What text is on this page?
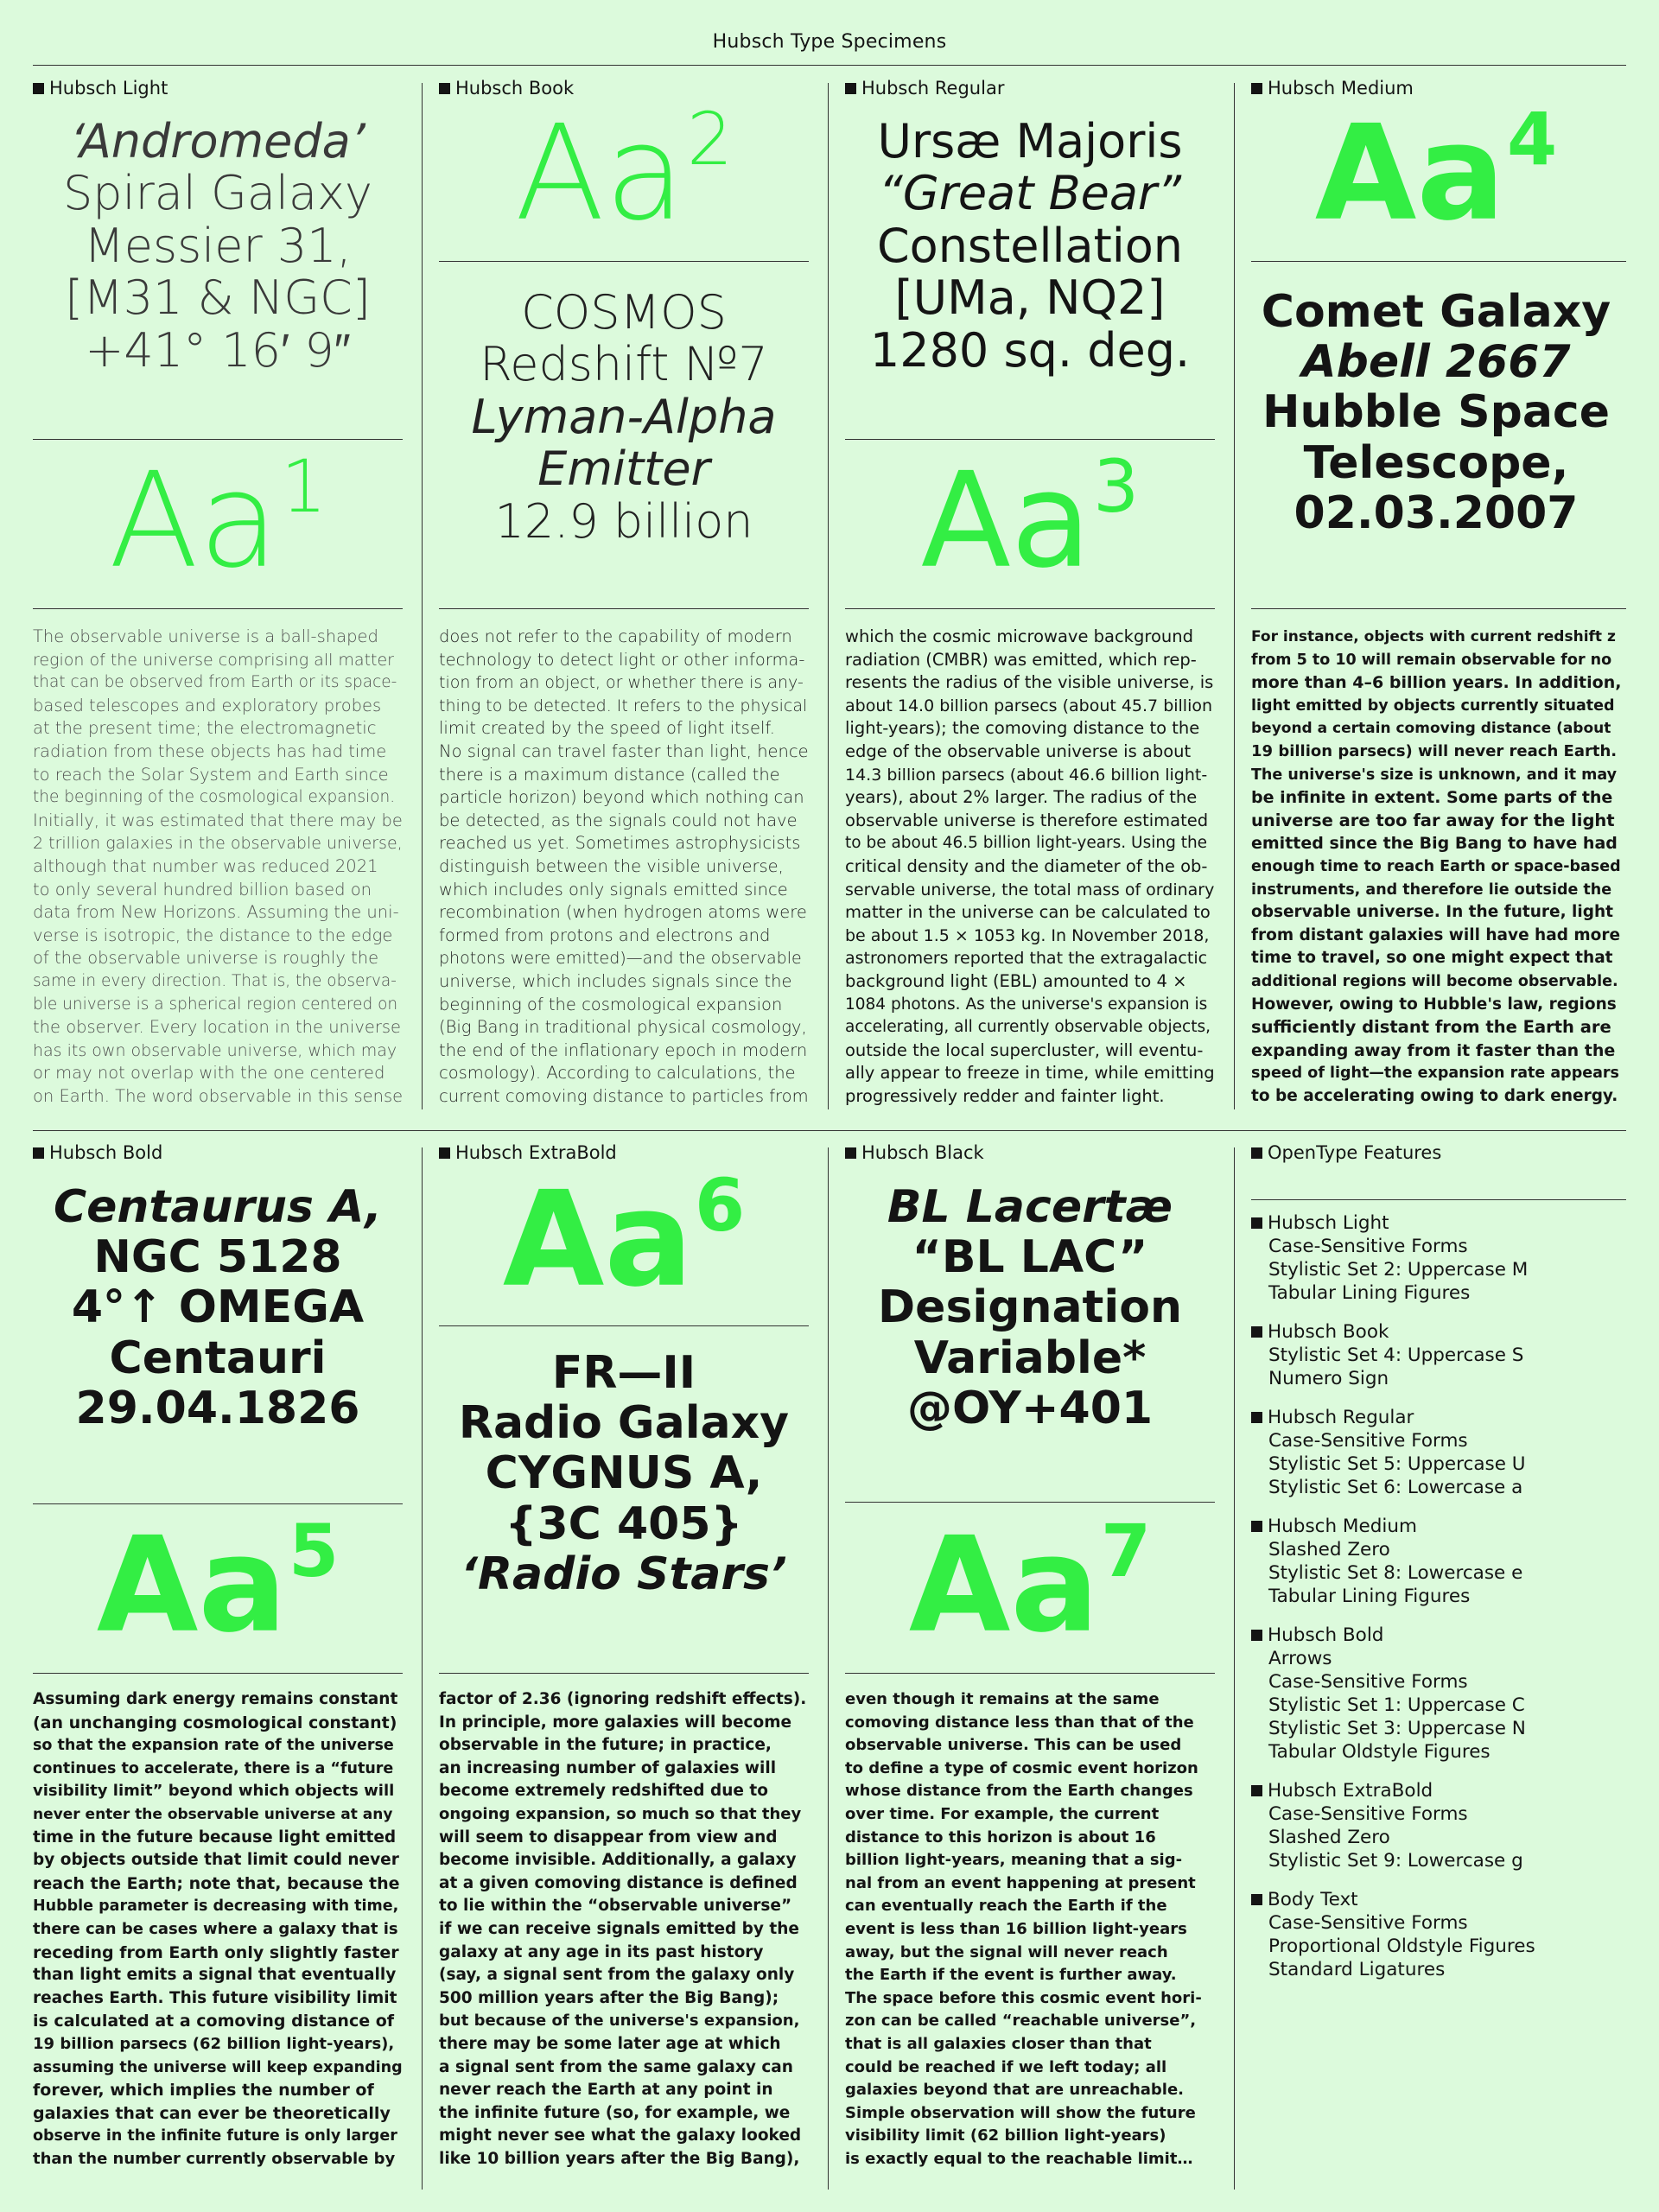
Hubsch Type Specimens
Hubsch Light
‘Andromeda’
Spiral Galaxy
Messier 31,
[M31 & NGC]
+41° 16′ 9″
Aa$^1$
The observable universe is a ball-shaped
region of the universe comprising all matter
that can be observed from Earth or its space-
based telescopes and exploratory probes
at the present time; the electromagnetic
radiation from these objects has had time
to reach the Solar System and Earth since
the beginning of the cosmological expansion.
Initially, it was estimated that there may be
2 trillion galaxies in the observable universe,
although that number was reduced 2021
to only several hundred billion based on
data from New Horizons. Assuming the uni-
verse is isotropic, the distance to the edge
of the observable universe is roughly the
same in every direction. That is, the observa-
ble universe is a spherical region centered on
the observer. Every location in the universe
has its own observable universe, which may
or may not overlap with the one centered
on Earth. The word observable in this sense
Hubsch Book
Aa$^2$
COSMOS
Redshift №7
Lyman-Alpha
Emitter
12.9 billion
does not refer to the capability of modern
technology to detect light or other informa-
tion from an object, or whether there is any-
thing to be detected. It refers to the physical
limit created by the speed of light itself.
No signal can travel faster than light, hence
there is a maximum distance (called the
particle horizon) beyond which nothing can
be detected, as the signals could not have
reached us yet. Sometimes astrophysicists
distinguish between the visible universe,
which includes only signals emitted since
recombination (when hydrogen atoms were
formed from protons and electrons and
photons were emitted)—and the observable
universe, which includes signals since the
beginning of the cosmological expansion
(Big Bang in traditional physical cosmology,
the end of the inflationary epoch in modern
cosmology). According to calculations, the
current comoving distance to particles from
Hubsch Regular
Ursæ Majoris
“Great Bear”
Constellation
[UMa, NQ2]
1280 sq. deg.
Aa$^3$
which the cosmic microwave background
radiation (CMBR) was emitted, which rep-
resents the radius of the visible universe, is
about 14.0 billion parsecs (about 45.7 billion
light-years); the comoving distance to the
edge of the observable universe is about
14.3 billion parsecs (about 46.6 billion light-
years), about 2% larger. The radius of the
observable universe is therefore estimated
to be about 46.5 billion light-years. Using the
critical density and the diameter of the ob-
servable universe, the total mass of ordinary
matter in the universe can be calculated to
be about 1.5 × 1053 kg. In November 2018,
astronomers reported that the extragalactic
background light (EBL) amounted to 4 ×
1084 photons. As the universe's expansion is
accelerating, all currently observable objects,
outside the local supercluster, will eventu-
ally appear to freeze in time, while emitting
progressively redder and fainter light.
Hubsch Medium
Aa$^4$
Comet Galaxy
Abell 2667
Hubble Space
Telescope,
02.03.2007
For instance, objects with current redshift z
from 5 to 10 will remain observable for no
more than 4–6 billion years. In addition,
light emitted by objects currently situated
beyond a certain comoving distance (about
19 billion parsecs) will never reach Earth.
The universe's size is unknown, and it may
be infinite in extent. Some parts of the
universe are too far away for the light
emitted since the Big Bang to have had
enough time to reach Earth or space-based
instruments, and therefore lie outside the
observable universe. In the future, light
from distant galaxies will have had more
time to travel, so one might expect that
additional regions will become observable.
However, owing to Hubble's law, regions
sufficiently distant from the Earth are
expanding away from it faster than the
speed of light—the expansion rate appears
to be accelerating owing to dark energy.
Hubsch Bold
Centaurus A,
NGC 5128
4°↑ OMEGA
Centauri
29.04.1826
Aa$^5$
Assuming dark energy remains constant
(an unchanging cosmological constant)
so that the expansion rate of the universe
continues to accelerate, there is a “future
visibility limit” beyond which objects will
never enter the observable universe at any
time in the future because light emitted
by objects outside that limit could never
reach the Earth; note that, because the
Hubble parameter is decreasing with time,
there can be cases where a galaxy that is
receding from Earth only slightly faster
than light emits a signal that eventually
reaches Earth. This future visibility limit
is calculated at a comoving distance of
19 billion parsecs (62 billion light-years),
assuming the universe will keep expanding
forever, which implies the number of
galaxies that can ever be theoretically
observe in the infinite future is only larger
than the number currently observable by
Hubsch ExtraBold
Aa$^6$
FR—II
Radio Galaxy
CYGNUS A,
{3C 405}
‘Radio Stars’
factor of 2.36 (ignoring redshift effects).
In principle, more galaxies will become
observable in the future; in practice,
an increasing number of galaxies will
become extremely redshifted due to
ongoing expansion, so much so that they
will seem to disappear from view and
become invisible. Additionally, a galaxy
at a given comoving distance is defined
to lie within the “observable universe”
if we can receive signals emitted by the
galaxy at any age in its past history
(say, a signal sent from the galaxy only
500 million years after the Big Bang);
but because of the universe's expansion,
there may be some later age at which
a signal sent from the same galaxy can
never reach the Earth at any point in
the infinite future (so, for example, we
might never see what the galaxy looked
like 10 billion years after the Big Bang),
Hubsch Black
BL Lacertæ
“BL LAC”
Designation
Variable*
@OY+401
Aa$^7$
even though it remains at the same
comoving distance less than that of the
observable universe. This can be used
to define a type of cosmic event horizon
whose distance from the Earth changes
over time. For example, the current
distance to this horizon is about 16
billion light-years, meaning that a sig-
nal from an event happening at present
can eventually reach the Earth if the
event is less than 16 billion light-years
away, but the signal will never reach
the Earth if the event is further away.
The space before this cosmic event hori-
zon can be called “reachable universe”,
that is all galaxies closer than that
could be reached if we left today; all
galaxies beyond that are unreachable.
Simple observation will show the future
visibility limit (62 billion light-years)
is exactly equal to the reachable limit…
OpenType Features
Hubsch Light
Case-Sensitive Forms
Stylistic Set 2: Uppercase M
Tabular Lining Figures
Hubsch Book
Stylistic Set 4: Uppercase S
Numero Sign
Hubsch Regular
Case-Sensitive Forms
Stylistic Set 5: Uppercase U
Stylistic Set 6: Lowercase a
Hubsch Medium
Slashed Zero
Stylistic Set 8: Lowercase e
Tabular Lining Figures
Hubsch Bold
Arrows
Case-Sensitive Forms
Stylistic Set 1: Uppercase C
Stylistic Set 3: Uppercase N
Tabular Oldstyle Figures
Hubsch ExtraBold
Case-Sensitive Forms
Slashed Zero
Stylistic Set 9: Lowercase g
Body Text
Case-Sensitive Forms
Proportional Oldstyle Figures
Standard Ligatures
